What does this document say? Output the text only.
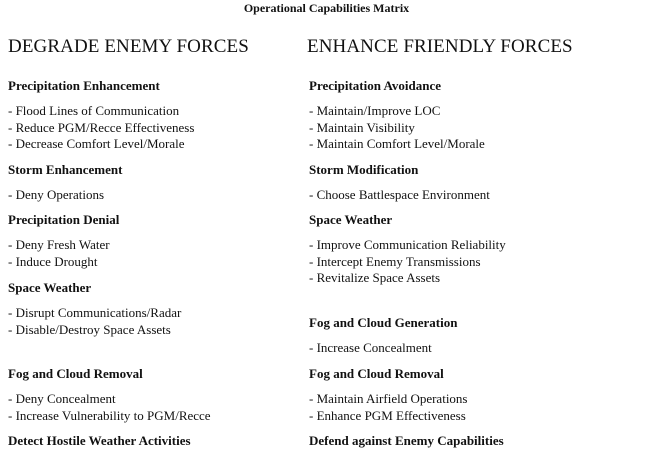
Operational Capabilities Matrix
DEGRADE ENEMY FORCES
Precipitation Enhancement
- Flood Lines of Communication
- Reduce PGM/Recce Effectiveness
- Decrease Comfort Level/Morale
Storm Enhancement
- Deny Operations
Precipitation Denial
- Deny Fresh Water
- Induce Drought
Space Weather
- Disrupt Communications/Radar
- Disable/Destroy Space Assets
Fog and Cloud Removal
- Deny Concealment
- Increase Vulnerability to PGM/Recce
Detect Hostile Weather Activities
ENHANCE FRIENDLY FORCES
Precipitation Avoidance
- Maintain/Improve LOC
- Maintain Visibility
- Maintain Comfort Level/Morale
Storm Modification
- Choose Battlespace Environment
Space Weather
- Improve Communication Reliability
- Intercept Enemy Transmissions
- Revitalize Space Assets
Fog and Cloud Generation
- Increase Concealment
Fog and Cloud Removal
- Maintain Airfield Operations
- Enhance PGM Effectiveness
Defend against Enemy Capabilities
